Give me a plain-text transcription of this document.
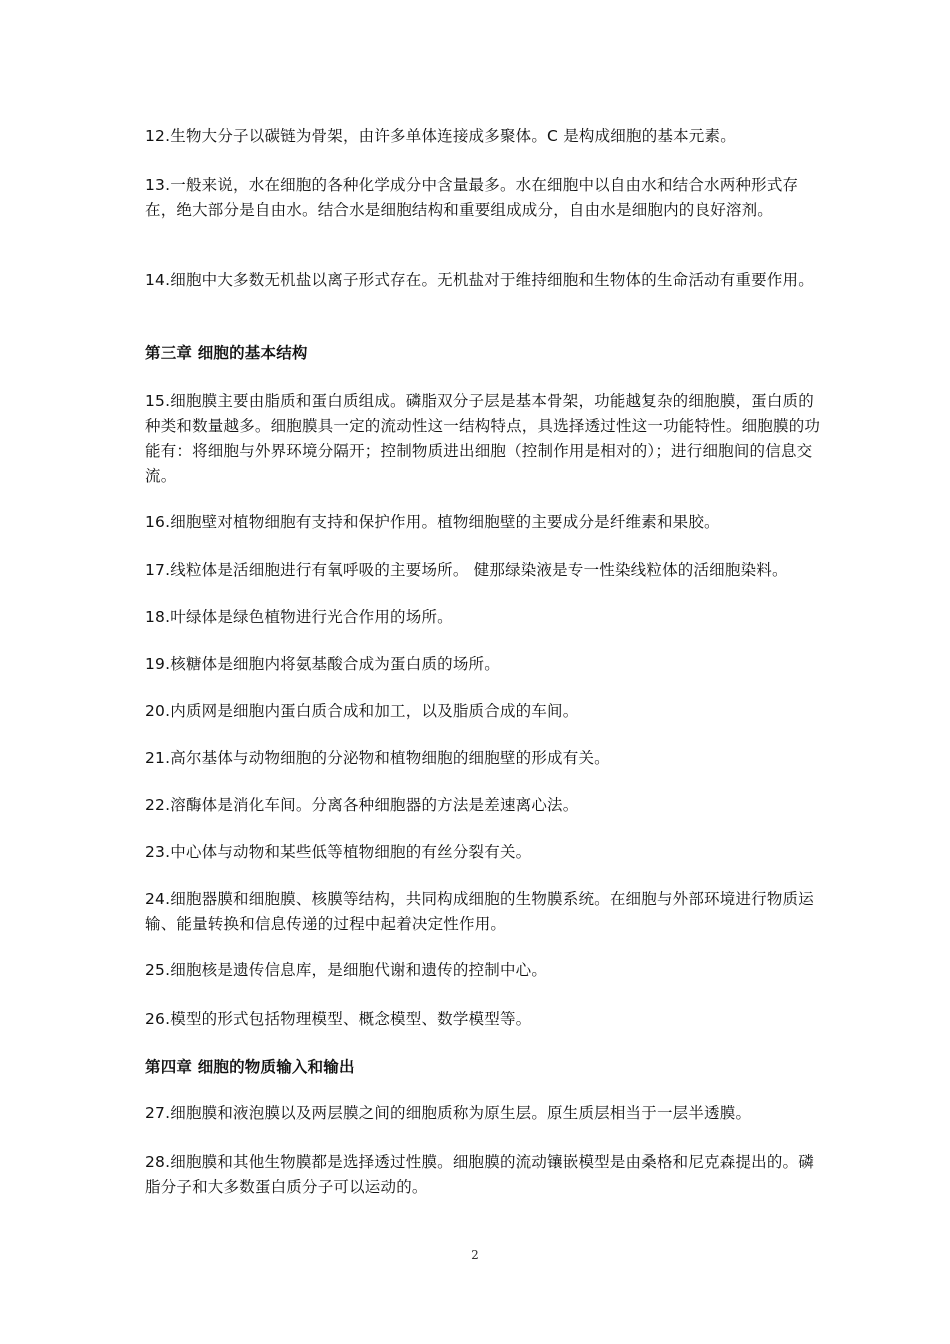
12.生物大分子以碳链为骨架，由许多单体连接成多聚体。C 是构成细胞的基本元素。
13.一般来说，水在细胞的各种化学成分中含量最多。水在细胞中以自由水和结合水两种形式存在，绝大部分是自由水。结合水是细胞结构和重要组成成分，自由水是细胞内的良好溶剂。
14.细胞中大多数无机盐以离子形式存在。无机盐对于维持细胞和生物体的生命活动有重要作用。
第三章 细胞的基本结构
15.细胞膜主要由脂质和蛋白质组成。磷脂双分子层是基本骨架，功能越复杂的细胞膜，蛋白质的种类和数量越多。细胞膜具一定的流动性这一结构特点，具选择透过性这一功能特性。细胞膜的功能有：将细胞与外界环境分隔开；控制物质进出细胞（控制作用是相对的）；进行细胞间的信息交流。
16.细胞壁对植物细胞有支持和保护作用。植物细胞壁的主要成分是纤维素和果胶。
17.线粒体是活细胞进行有氧呼吸的主要场所。 健那绿染液是专一性染线粒体的活细胞染料。
18.叶绿体是绿色植物进行光合作用的场所。
19.核糖体是细胞内将氨基酸合成为蛋白质的场所。
20.内质网是细胞内蛋白质合成和加工，以及脂质合成的车间。
21.高尔基体与动物细胞的分泌物和植物细胞的细胞壁的形成有关。
22.溶酶体是消化车间。分离各种细胞器的方法是差速离心法。
23.中心体与动物和某些低等植物细胞的有丝分裂有关。
24.细胞器膜和细胞膜、核膜等结构，共同构成细胞的生物膜系统。在细胞与外部环境进行物质运输、能量转换和信息传递的过程中起着决定性作用。
25.细胞核是遗传信息库，是细胞代谢和遗传的控制中心。
26.模型的形式包括物理模型、概念模型、数学模型等。
第四章 细胞的物质输入和输出
27.细胞膜和液泡膜以及两层膜之间的细胞质称为原生层。原生质层相当于一层半透膜。
28.细胞膜和其他生物膜都是选择透过性膜。细胞膜的流动镶嵌模型是由桑格和尼克森提出的。磷脂分子和大多数蛋白质分子可以运动的。
2
